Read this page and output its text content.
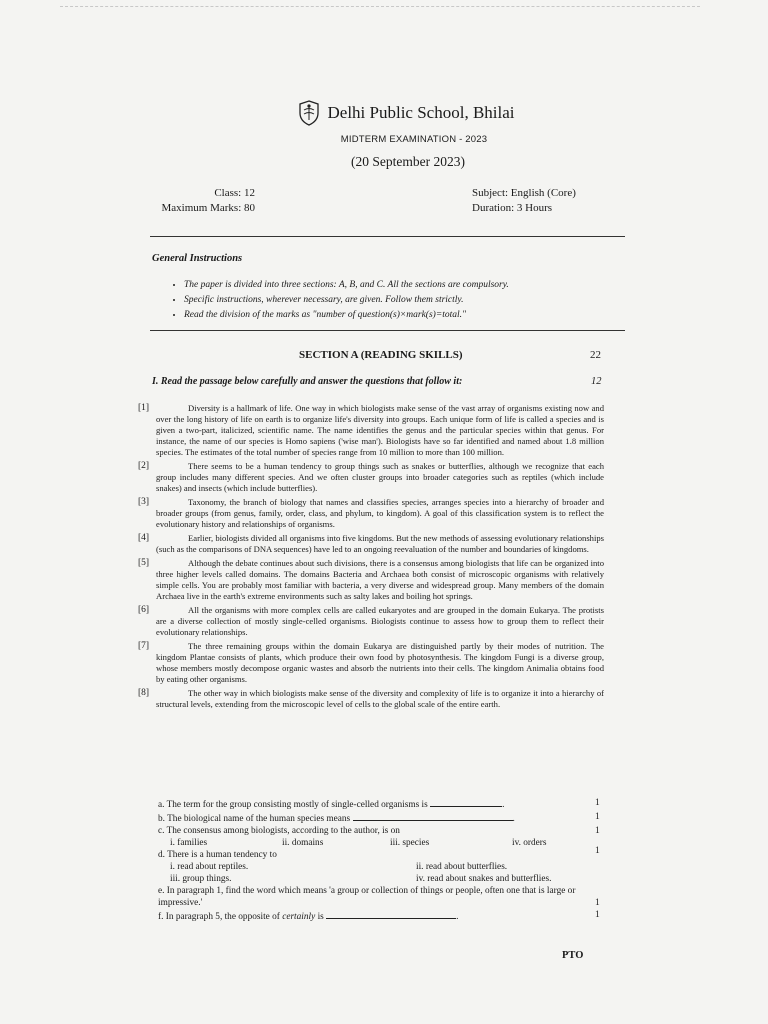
Delhi Public School, Bhilai
MIDTERM EXAMINATION - 2023
(20 September 2023)
Class: 12
Maximum Marks: 80
Subject: English (Core)
Duration: 3 Hours
General Instructions
• The paper is divided into three sections: A, B, and C. All the sections are compulsory.
• Specific instructions, wherever necessary, are given. Follow them strictly.
• Read the division of the marks as "number of question(s)×mark(s)=total."
SECTION A (READING SKILLS)	22
I. Read the passage below carefully and answer the questions that follow it:	12
[1]	Diversity is a hallmark of life. One way in which biologists make sense of the vast array of organisms existing now and over the long history of life on earth is to organize life's diversity into groups. Each unique form of life is called a species and is given a two-part, italicized, scientific name. The name identifies the genus and the particular species within that genus. For instance, the name of our species is Homo sapiens ('wise man'). Biologists have so far identified and named about 1.8 million species. The estimates of the total number of species range from 10 million to more than 100 million.
[2]	There seems to be a human tendency to group things such as snakes or butterflies, although we recognize that each group includes many different species. And we often cluster groups into broader categories such as reptiles (which include snakes) and insects (which include butterflies).
[3]	Taxonomy, the branch of biology that names and classifies species, arranges species into a hierarchy of broader and broader groups (from genus, family, order, class, and phylum, to kingdom). A goal of this classification system is to reflect the evolutionary history and relationships of organisms.
[4]	Earlier, biologists divided all organisms into five kingdoms. But the new methods of assessing evolutionary relationships (such as the comparisons of DNA sequences) have led to an ongoing reevaluation of the number and boundaries of kingdoms.
[5]	Although the debate continues about such divisions, there is a consensus among biologists that life can be organized into three higher levels called domains. The domains Bacteria and Archaea both consist of microscopic organisms with relatively simple cells. You are probably most familiar with bacteria, a very diverse and widespread group. Many members of the domain Archaea live in the earth's extreme environments such as salty lakes and boiling hot springs.
[6]	All the organisms with more complex cells are called eukaryotes and are grouped in the domain Eukarya. The protists are a diverse collection of mostly single-celled organisms. Biologists continue to assess how to group them to reflect their evolutionary relationships.
[7]	The three remaining groups within the domain Eukarya are distinguished partly by their modes of nutrition. The kingdom Plantae consists of plants, which produce their own food by photosynthesis. The kingdom Fungi is a diverse group, whose members mostly decompose organic wastes and absorb the nutrients into their cells. The kingdom Animalia obtains food by eating other organisms.
[8]	The other way in which biologists make sense of the diversity and complexity of life is to organize it into a hierarchy of structural levels, extending from the microscopic level of cells to the global scale of the entire earth.
a. The term for the group consisting mostly of single-celled organisms is	.	1
b. The biological name of the human species means	.	1
c. The consensus among biologists, according to the author, is on	1
i. families	ii. domains	iii. species	iv. orders
d. There is a human tendency to	1
i. read about reptiles.	ii. read about butterflies.
iii. group things.	iv. read about snakes and butterflies.
e. In paragraph 1, find the word which means 'a group or collection of things or people, often one that is large or impressive.'	1
f. In paragraph 5, the opposite of certainly is	.	1
PTO
